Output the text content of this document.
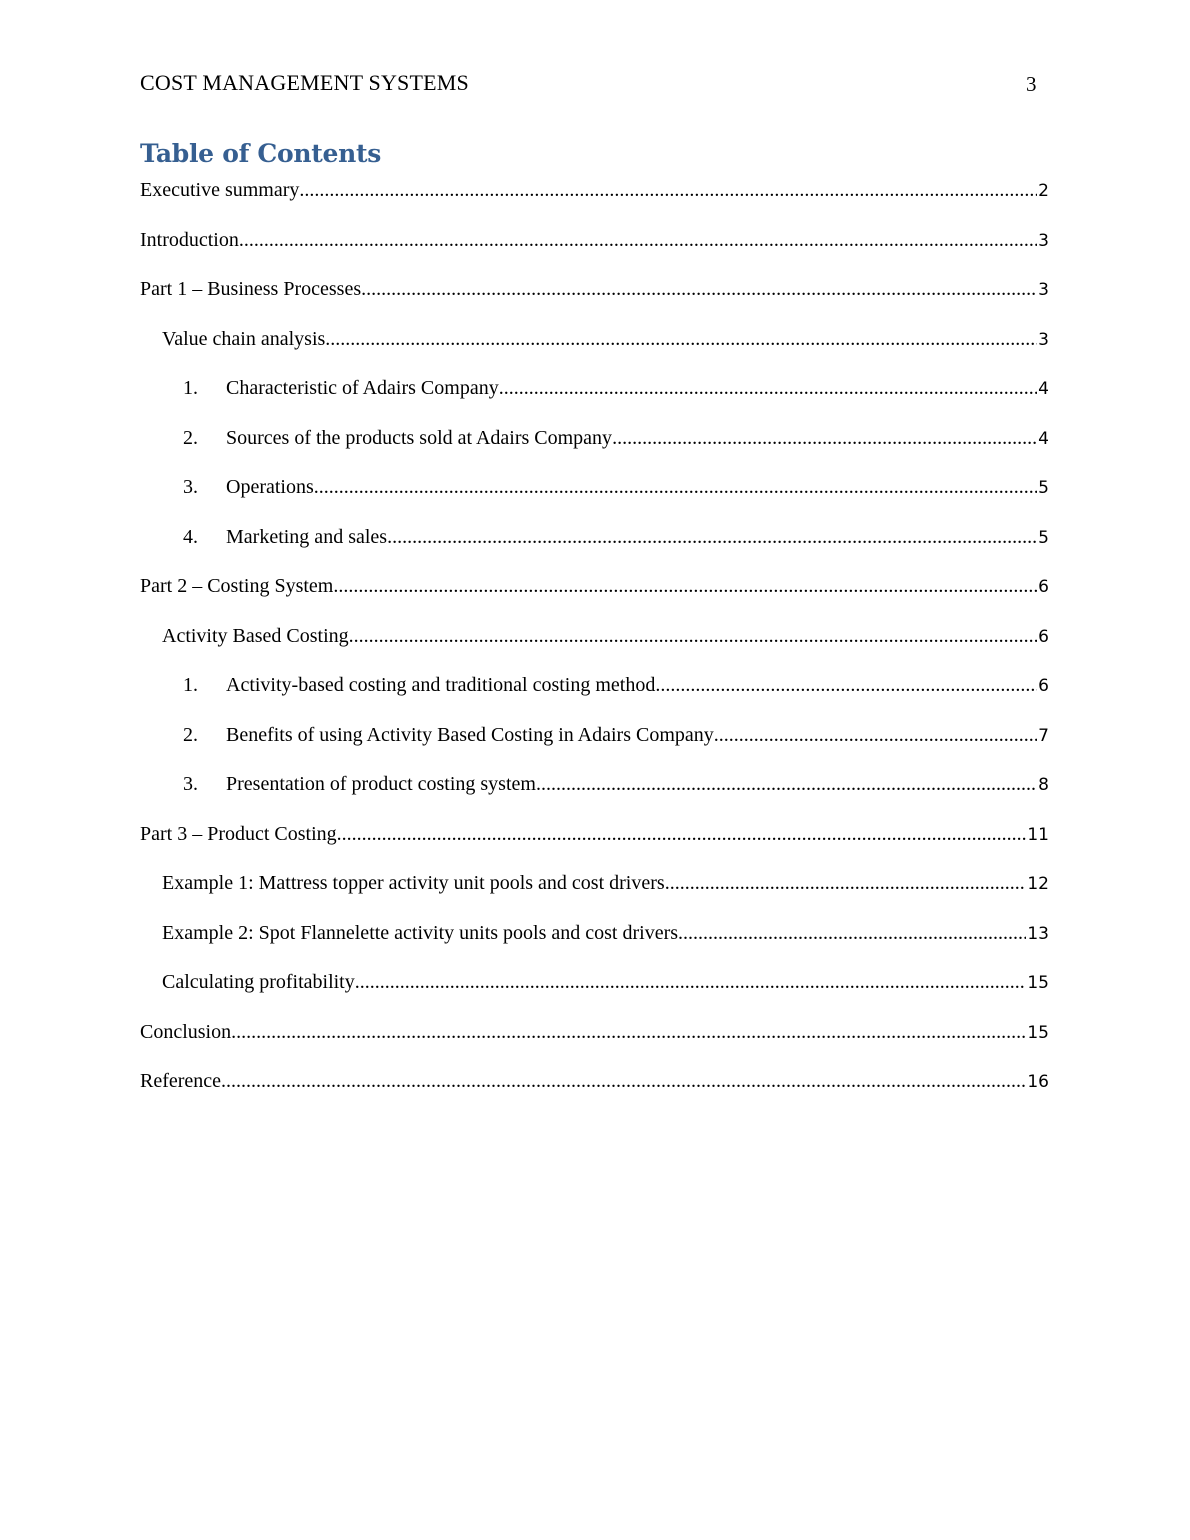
COST MANAGEMENT SYSTEMS	3
Table of Contents
Executive summary .....	2
Introduction .....	3
Part 1 – Business Processes .....	3
Value chain analysis .....	3
1.	Characteristic of Adairs Company .....	4
2.	Sources of the products sold at Adairs Company .....	4
3.	Operations .....	5
4.	Marketing and sales .....	5
Part 2 – Costing System .....	6
Activity Based Costing .....	6
1.	Activity-based costing and traditional costing method .....	6
2.	Benefits of using Activity Based Costing in Adairs Company .....	7
3.	Presentation of product costing system .....	8
Part 3 – Product Costing .....	11
Example 1: Mattress topper activity unit pools and cost drivers .....	12
Example 2: Spot Flannelette activity units pools and cost drivers .....	13
Calculating profitability .....	15
Conclusion .....	15
Reference .....	16
